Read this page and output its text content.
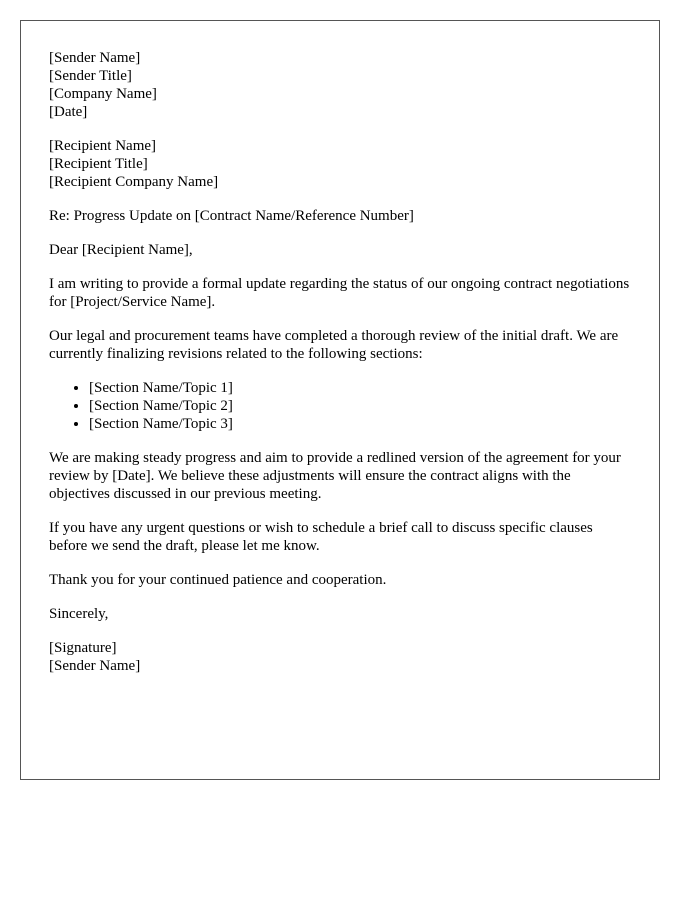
[Sender Name]
[Sender Title]
[Company Name]
[Date]
[Recipient Name]
[Recipient Title]
[Recipient Company Name]

Re: Progress Update on [Contract Name/Reference Number]

Dear [Recipient Name],

I am writing to provide a formal update regarding the status of our ongoing contract negotiations for [Project/Service Name].

Our legal and procurement teams have completed a thorough review of the initial draft. We are currently finalizing revisions related to the following sections:

• [Section Name/Topic 1]
• [Section Name/Topic 2]
• [Section Name/Topic 3]

We are making steady progress and aim to provide a redlined version of the agreement for your review by [Date]. We believe these adjustments will ensure the contract aligns with the objectives discussed in our previous meeting.

If you have any urgent questions or wish to schedule a brief call to discuss specific clauses before we send the draft, please let me know.

Thank you for your continued patience and cooperation.

Sincerely,

[Signature]
[Sender Name]
